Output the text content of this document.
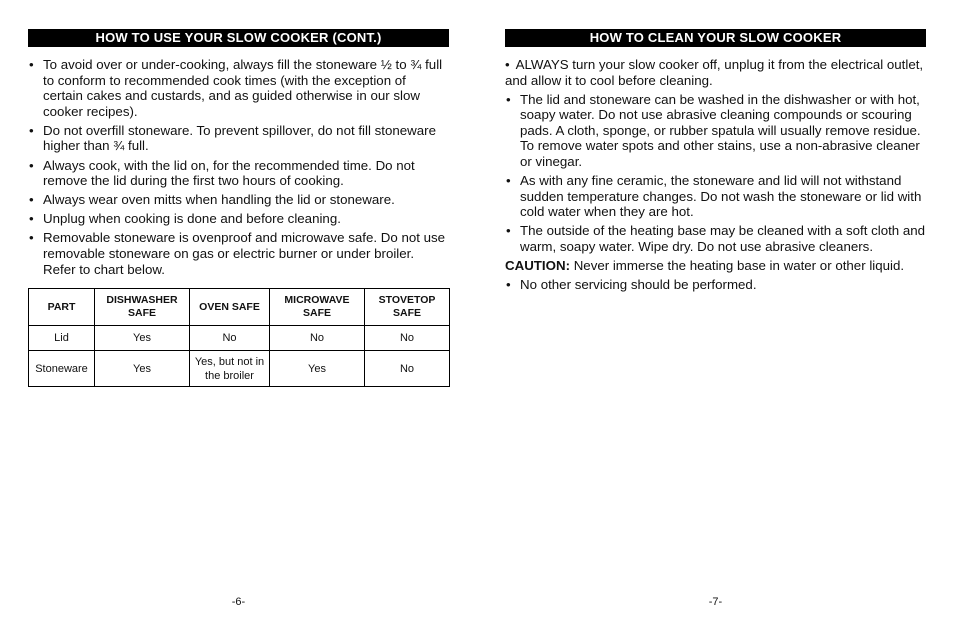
HOW TO USE YOUR SLOW COOKER (CONT.)
• To avoid over or under-cooking, always fill the stoneware ½ to ¾ full to conform to recommended cook times (with the exception of certain cakes and custards, and as guided otherwise in our slow cooker recipes).
• Do not overfill stoneware. To prevent spillover, do not fill stoneware higher than ¾ full.
• Always cook, with the lid on, for the recommended time. Do not remove the lid during the first two hours of cooking.
• Always wear oven mitts when handling the lid or stoneware.
• Unplug when cooking is done and before cleaning.
• Removable stoneware is ovenproof and microwave safe. Do not use removable stoneware on gas or electric burner or under broiler. Refer to chart below.
PART	DISHWASHER SAFE	OVEN SAFE	MICROWAVE SAFE	STOVETOP SAFE
Lid	Yes	No	No	No
Stoneware	Yes	Yes, but not in the broiler	Yes	No
-6-
HOW TO CLEAN YOUR SLOW COOKER
• ALWAYS turn your slow cooker off, unplug it from the electrical outlet, and allow it to cool before cleaning.
• The lid and stoneware can be washed in the dishwasher or with hot, soapy water. Do not use abrasive cleaning compounds or scouring pads. A cloth, sponge, or rubber spatula will usually remove residue. To remove water spots and other stains, use a non-abrasive cleaner or vinegar.
• As with any fine ceramic, the stoneware and lid will not withstand sudden temperature changes. Do not wash the stoneware or lid with cold water when they are hot.
• The outside of the heating base may be cleaned with a soft cloth and warm, soapy water. Wipe dry. Do not use abrasive cleaners.

CAUTION: Never immerse the heating base in water or other liquid.

• No other servicing should be performed.
-7-
